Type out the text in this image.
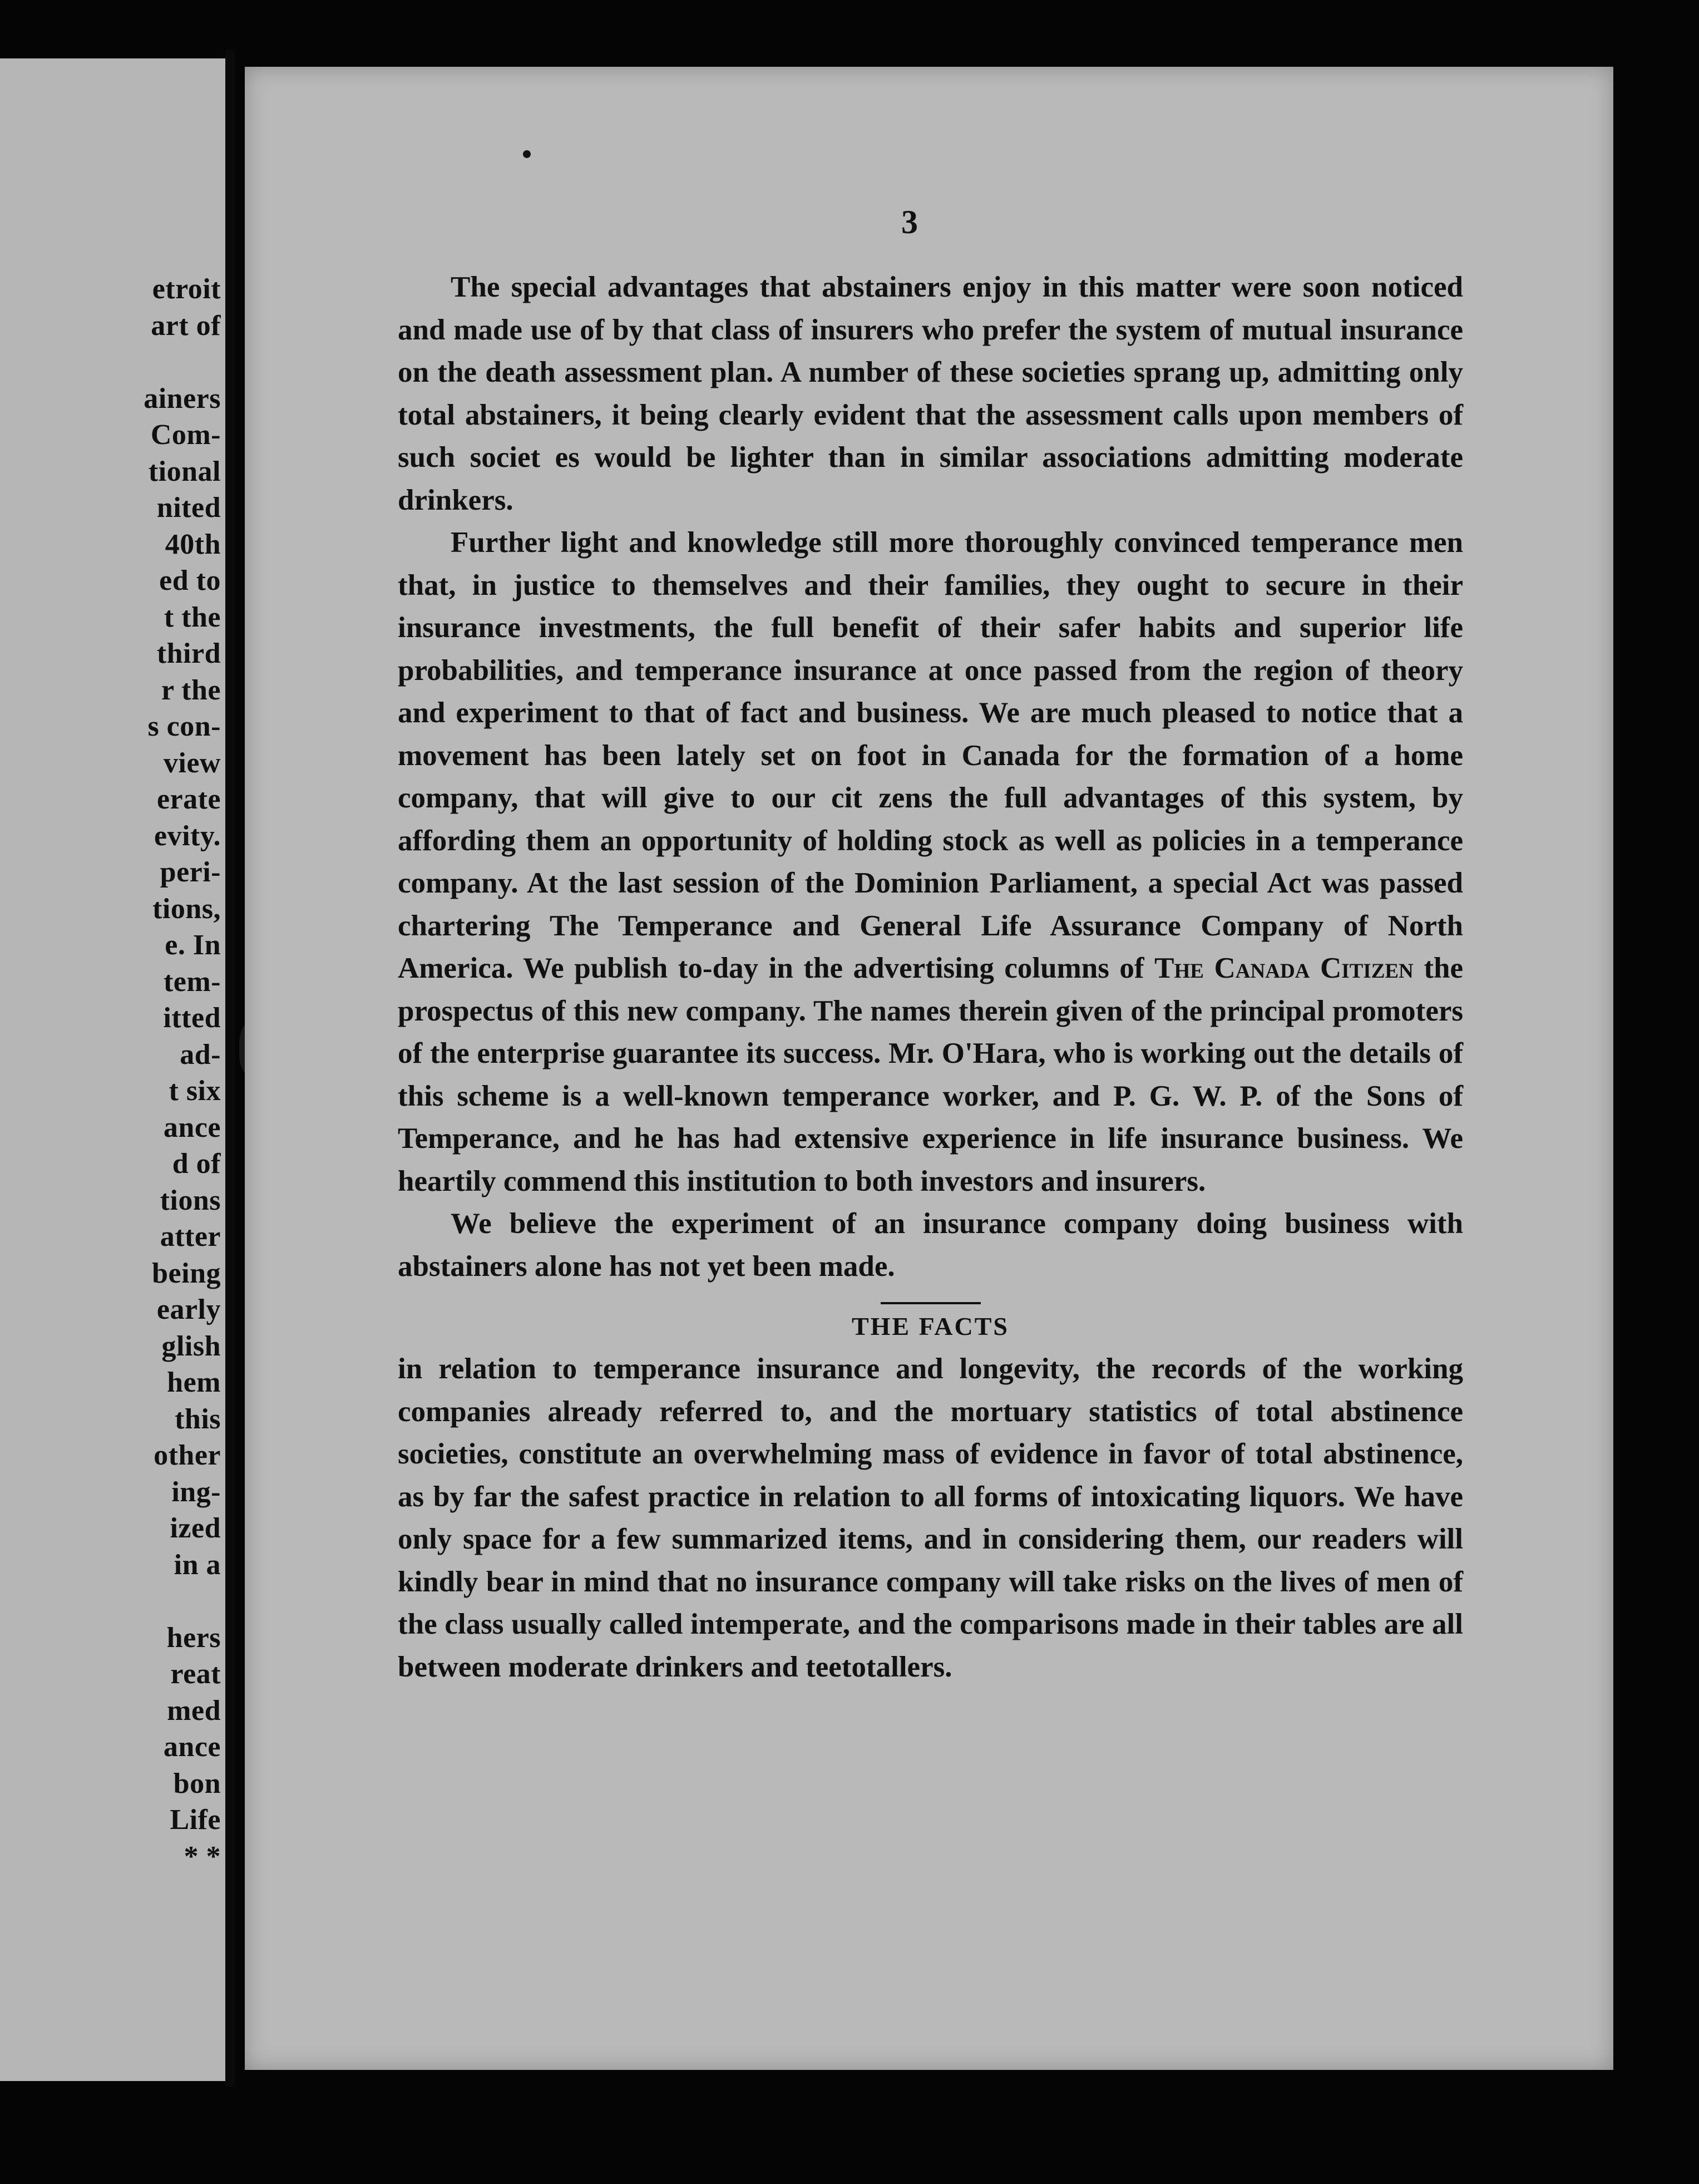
etroit
art of
ainers
Com-
tional
nited
40th
ed to
t the
third
r the
s con-
view
erate
evity.
peri-
tions,
e. In
tem-
itted
ad-
t six
ance
d of
tions
atter
being
early
glish
hem
this
other
ing-
ized
in a
hers
reat
med
ance
bon
Life
* *
3

The special advantages that abstainers enjoy in this matter were soon noticed and made use of by that class of insurers who prefer the system of mutual insurance on the death assessment plan. A number of these societies sprang up, admitting only total abstainers, it being clearly evident that the assessment calls upon members of such societ es would be lighter than in similar associations admitting moderate drinkers.

Further light and knowledge still more thoroughly convinced temperance men that, in justice to themselves and their families, they ought to secure in their insurance investments, the full benefit of their safer habits and superior life probabilities, and temperance insurance at once passed from the region of theory and experiment to that of fact and business. We are much pleased to notice that a movement has been lately set on foot in Canada for the formation of a home company, that will give to our cit zens the full advantages of this system, by affording them an opportunity of holding stock as well as policies in a temperance company. At the last session of the Dominion Parliament, a special Act was passed chartering The Temperance and General Life Assurance Company of North America. We publish to-day in the advertising columns of The Canada Citizen the prospectus of this new company. The names therein given of the principal promoters of the enterprise guarantee its success. Mr. O'Hara, who is working out the details of this scheme is a well-known temperance worker, and P. G. W. P. of the Sons of Temperance, and he has had extensive experience in life insurance business. We heartily commend this institution to both investors and insurers.

We believe the experiment of an insurance company doing business with abstainers alone has not yet been made.

THE FACTS

in relation to temperance insurance and longevity, the records of the working companies already referred to, and the mortuary statistics of total abstinence societies, constitute an overwhelming mass of evidence in favor of total abstinence, as by far the safest practice in relation to all forms of intoxicating liquors. We have only space for a few summarized items, and in considering them, our readers will kindly bear in mind that no insurance company will take risks on the lives of men of the class usually called intemperate, and the comparisons made in their tables are all between moderate drinkers and teetotallers.
